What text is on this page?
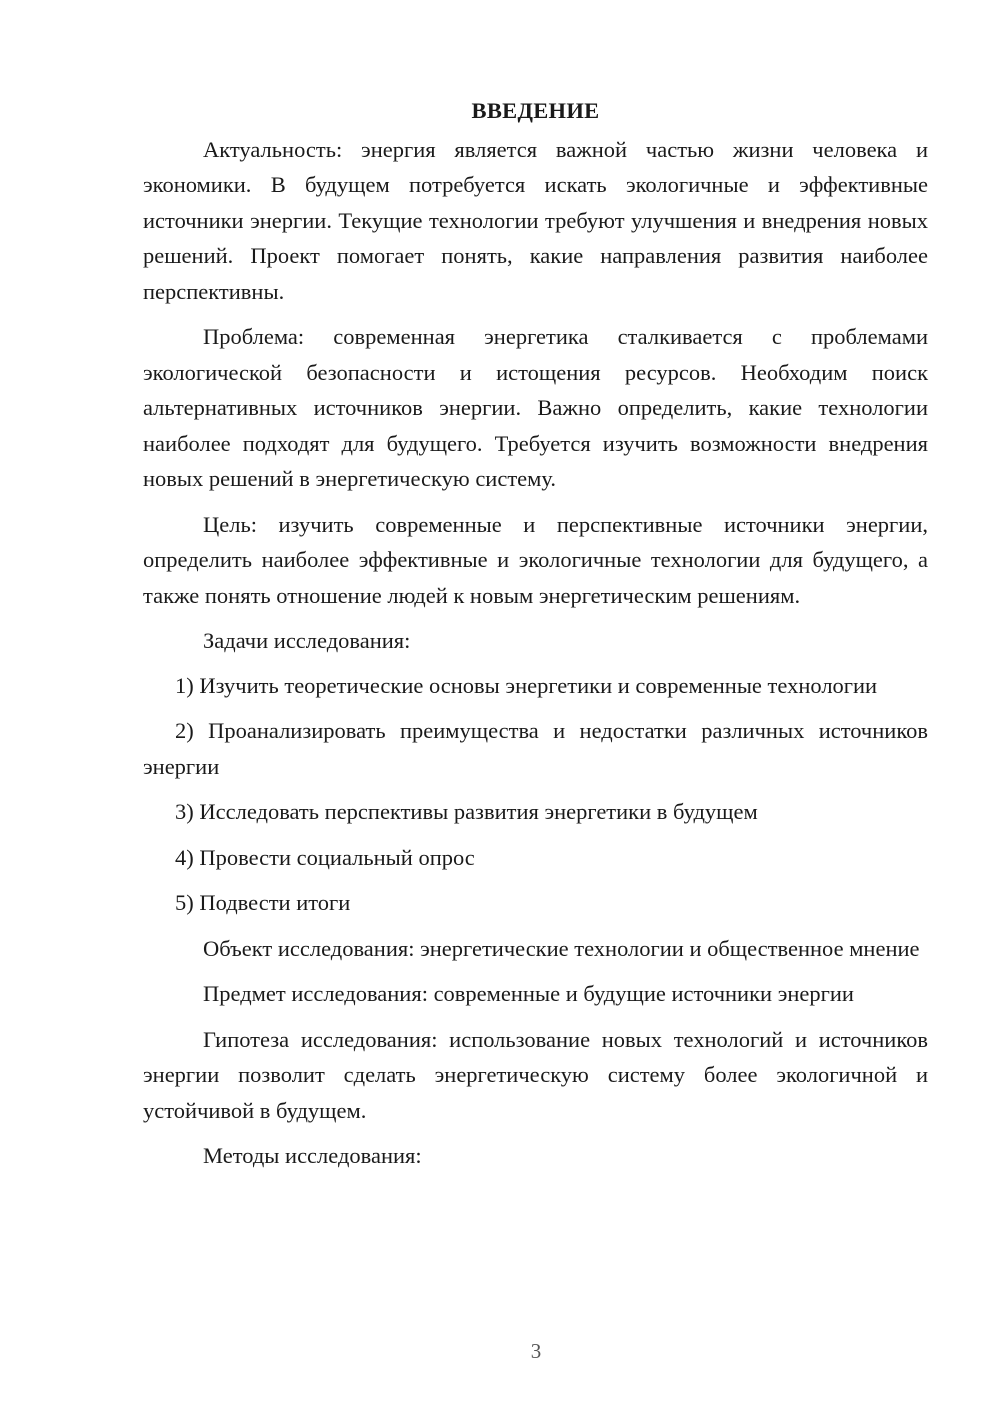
ВВЕДЕНИЕ

Актуальность: энергия является важной частью жизни человека и экономики. В будущем потребуется искать экологичные и эффективные источники энергии. Текущие технологии требуют улучшения и внедрения новых решений. Проект помогает понять, какие направления развития наиболее перспективны.

Проблема: современная энергетика сталкивается с проблемами экологической безопасности и истощения ресурсов. Необходим поиск альтернативных источников энергии. Важно определить, какие технологии наиболее подходят для будущего. Требуется изучить возможности внедрения новых решений в энергетическую систему.

Цель: изучить современные и перспективные источники энергии, определить наиболее эффективные и экологичные технологии для будущего, а также понять отношение людей к новым энергетическим решениям.

Задачи исследования:

1) Изучить теоретические основы энергетики и современные технологии
2) Проанализировать преимущества и недостатки различных источников энергии
3) Исследовать перспективы развития энергетики в будущем
4) Провести социальный опрос
5) Подвести итоги

Объект исследования: энергетические технологии и общественное мнение

Предмет исследования: современные и будущие источники энергии

Гипотеза исследования: использование новых технологий и источников энергии позволит сделать энергетическую систему более экологичной и устойчивой в будущем.

Методы исследования:

3
